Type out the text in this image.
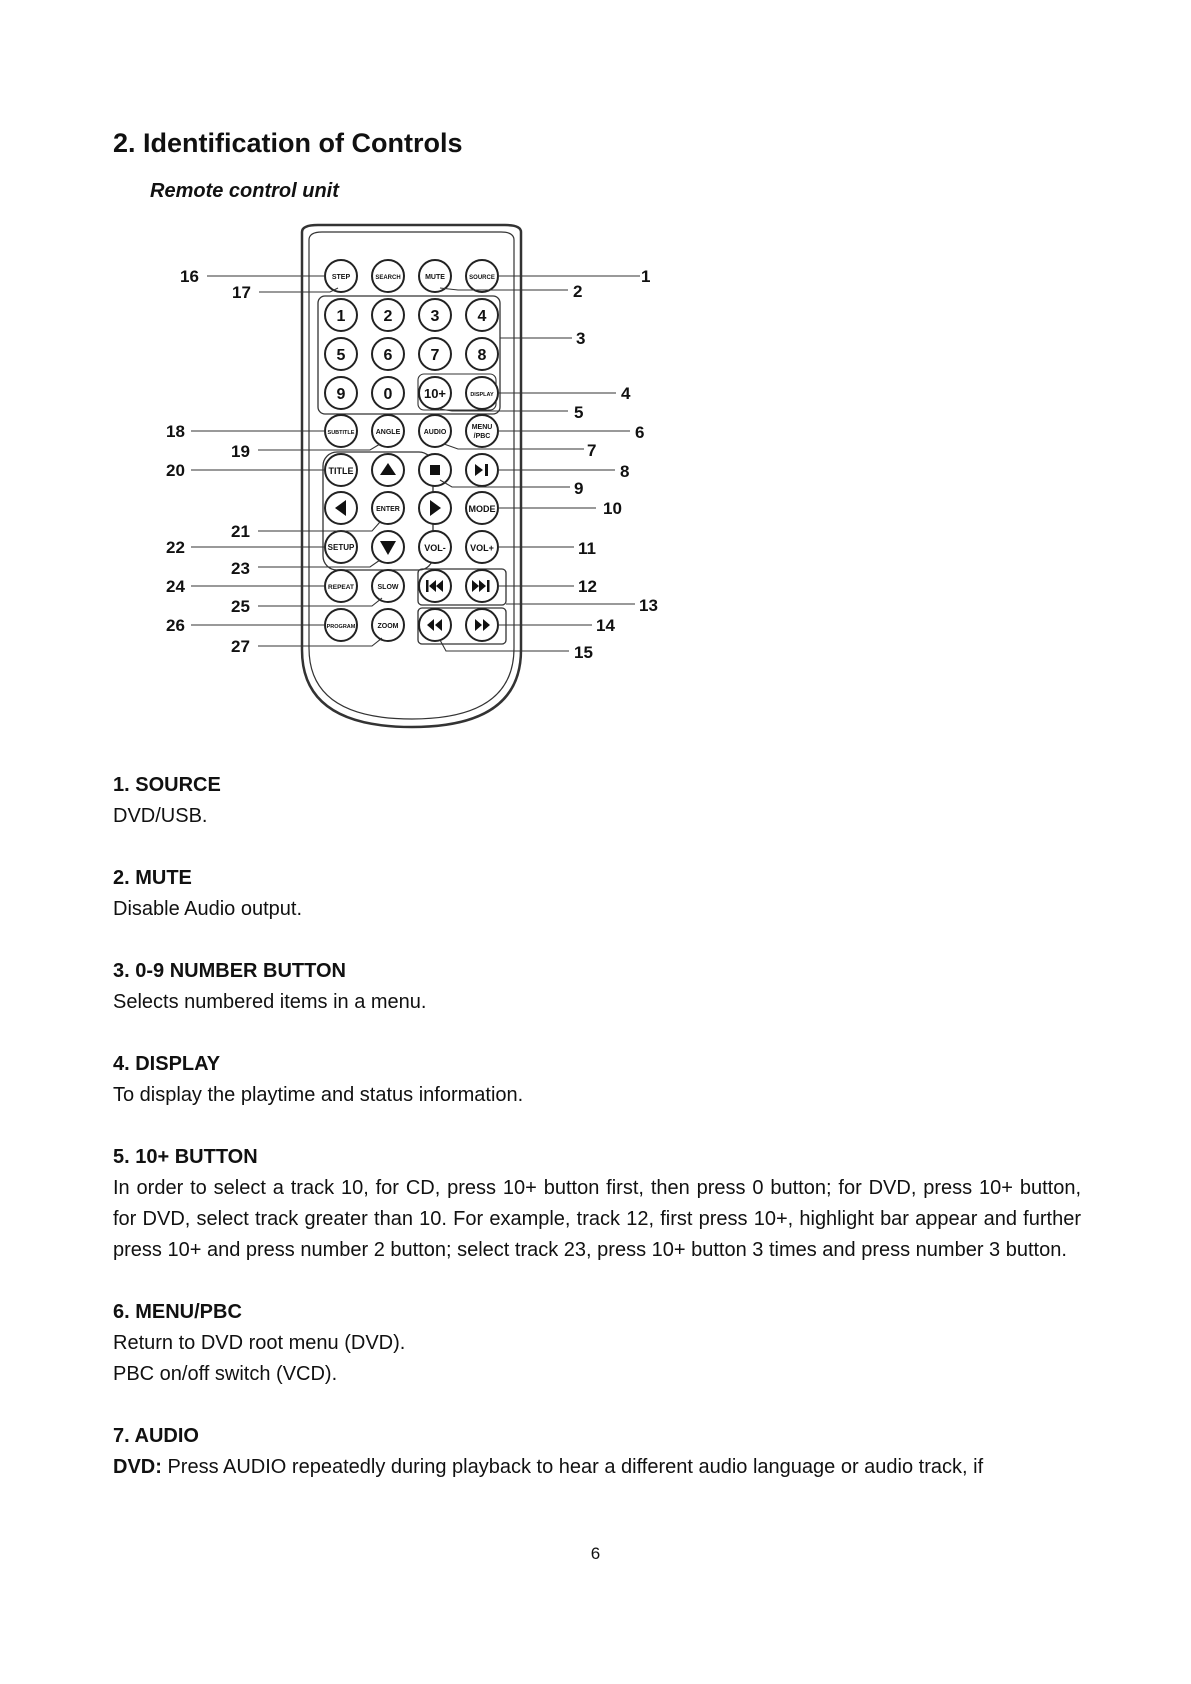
2. Identification of Controls
Remote control unit
STEP	SEARCH	MUTE	SOURCE
1 2 3 4
5 6 7 8
9 0 10+	DISPLAY
SUBTITLE	ANGLE	AUDIO
MENU
/PBC
TITLE
ENTER	MODE
SETUP	VOL-	VOL+
REPEAT	SLOW
PROGRAM	ZOOM
1
2
3
4
5
6
7
8
9
10
11
12
13
14
15
16
17
18
19
20
21
22
23
24
25
26
27
1. SOURCE
DVD/USB.
2. MUTE
Disable Audio output.
3. 0-9 NUMBER BUTTON
Selects numbered items in a menu.
4. DISPLAY
To display the playtime and status information.
5. 10+ BUTTON
In order to select a track 10, for CD, press 10+ button first, then press 0 button; for DVD, press 10+ button, for DVD, select track greater than 10. For example, track 12, first press 10+, highlight bar appear and further press 10+ and press number 2 button; select track 23, press 10+ button 3 times and press number 3 button.
6. MENU/PBC
Return to DVD root menu (DVD).
PBC on/off switch (VCD).
7. AUDIO
DVD: Press AUDIO repeatedly during playback to hear a different audio language or audio track, if
6
